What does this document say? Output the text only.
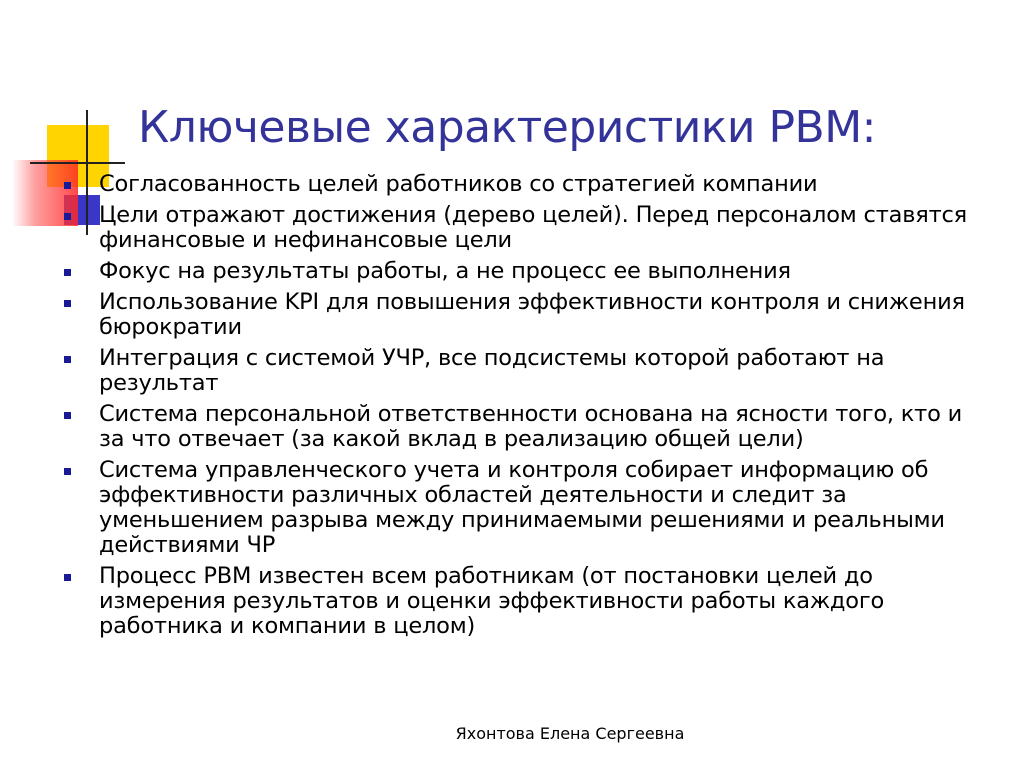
Ключевые характеристики PBM:
Согласованность целей работников со стратегией компании
Цели отражают достижения (дерево целей). Перед персоналом ставятся финансовые и нефинансовые цели
Фокус на результаты работы, а не процесс ее выполнения
Использование KPI для повышения эффективности контроля и снижения бюрократии
Интеграция с системой УЧР, все подсистемы которой работают на результат
Система персональной ответственности основана на ясности того, кто и за что отвечает (за какой вклад в реализацию общей цели)
Система управленческого учета и контроля собирает информацию об эффективности различных областей деятельности и следит за уменьшением разрыва между принимаемыми решениями и реальными действиями ЧР
Процесс PBM известен всем работникам (от постановки целей до измерения результатов и оценки эффективности работы каждого работника и компании в целом)
Яхонтова Елена Сергеевна
